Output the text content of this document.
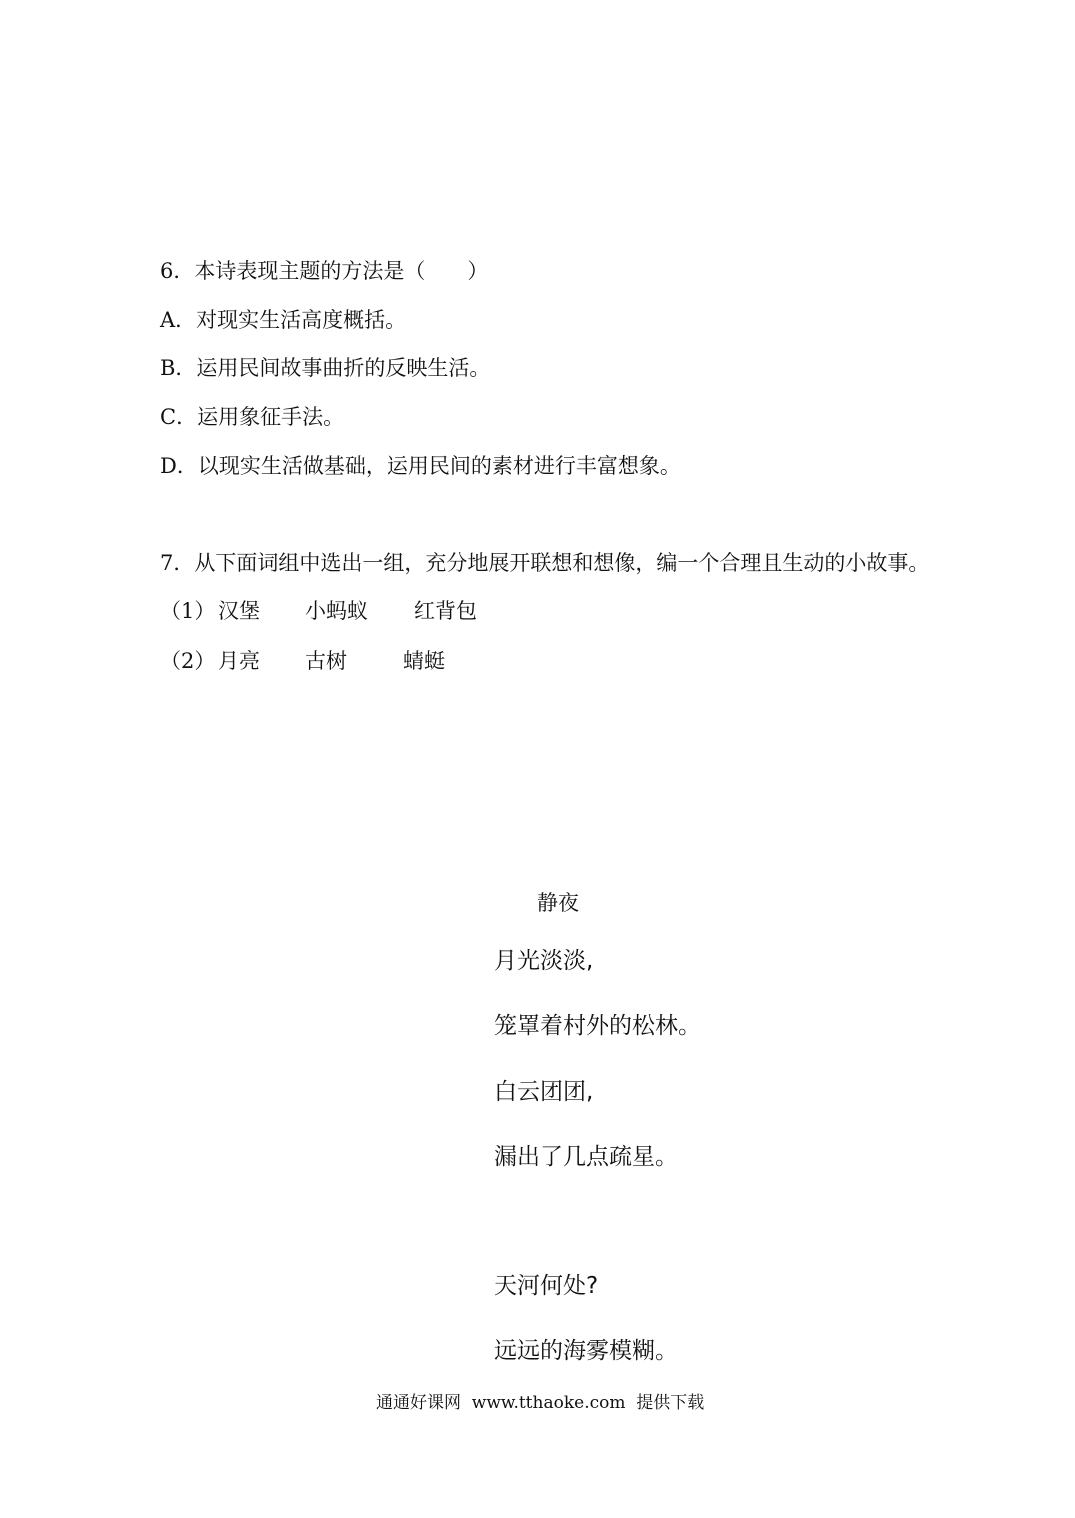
6．本诗表现主题的方法是（　　）
A．对现实生活高度概括。
B．运用民间故事曲折的反映生活。
C．运用象征手法。
D．以现实生活做基础，运用民间的素材进行丰富想象。
7．从下面词组中选出一组，充分地展开联想和想像，编一个合理且生动的小故事。
（1） 汉堡 小蚂蚁 红背包
（2） 月亮 古树	蜻蜓
静夜
月光淡淡,
笼罩着村外的松林。
白云团团,
漏出了几点疏星。
天河何处?
远远的海雾模糊。
通通好课网  www.tthaoke.com  提供下载
